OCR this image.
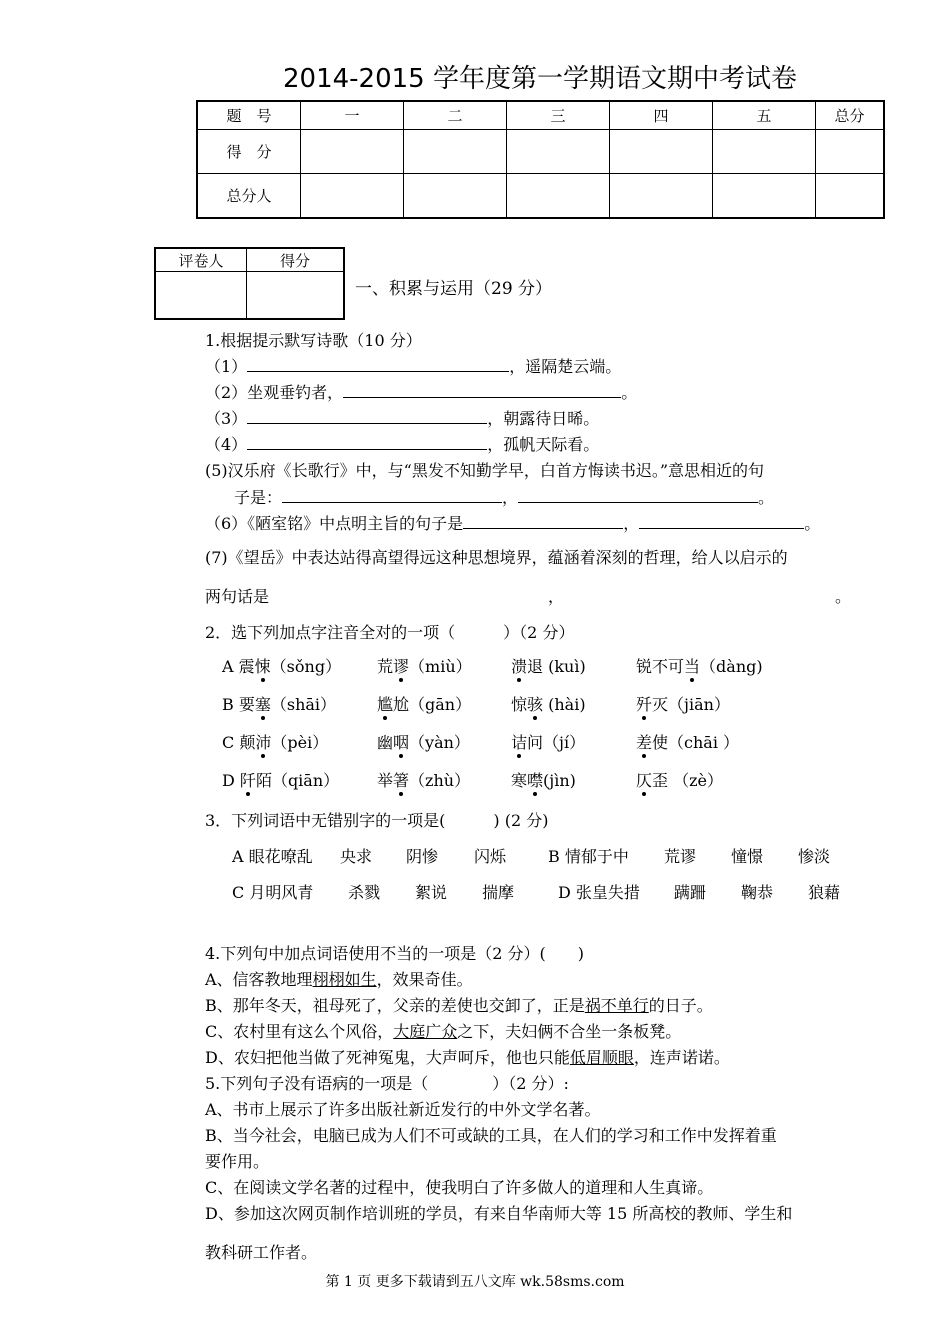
2014-2015 学年度第一学期语文期中考试卷
题　号	一	二	三	四	五	总分
得　分						
总分人						
评卷人	得分

一、积累与运用（29 分）
1.根据提示默写诗歌（10 分）
（1）	，遥隔楚云端。
（2）坐观垂钓者，	。
（3）	，朝露待日晞。
（4）	，孤帆天际看。
(5)汉乐府《长歌行》中，与“黑发不知勤学早，白首方悔读书迟。”意思相近的句
子是：	，	。
（6）《陋室铭》中点明主旨的句子是	，	。
(7)《望岳》中表达站得高望得远这种思想境界，蕴涵着深刻的哲理，给人以启示的
两句话是	，	。
2．选下列加点字注音全对的一项（　　　）（2 分）
A 震悚（sǒng） 荒谬（miù） 溃退 (kuì)	锐不可当（dàng)
B 要塞（shāi）	尴尬（gān） 惊骇 (hài)	歼灭（jiān）
C 颠沛（pèi）	幽咽（yàn）	诘问（jí）	差使（chāi ）
D 阡陌（qiān） 举箸（zhù）	寒噤(jìn)	仄歪 （zè）
3．下列词语中无错别字的一项是(　　　) (2 分)
A 眼花嘹乱 央求 阴惨 闪烁	B 情郁于中 荒谬 憧憬 惨淡
C 月明风青 杀戮 絮说 揣摩	D 张皇失措 蹒跚 鞠恭 狼藉
4.下列句中加点词语使用不当的一项是（2 分）(　　)
A、信客教地理栩栩如生，效果奇佳。
B、那年冬天，祖母死了，父亲的差使也交卸了，正是祸不单行的日子。
C、农村里有这么个风俗，大庭广众之下，夫妇俩不合坐一条板凳。
D、农妇把他当做了死神冤鬼，大声呵斥，他也只能低眉顺眼，连声诺诺。
5.下列句子没有语病的一项是（　　　　）（2 分）:
A、书市上展示了许多出版社新近发行的中外文学名著。
B、当今社会，电脑已成为人们不可或缺的工具，在人们的学习和工作中发挥着重
要作用。
C、在阅读文学名著的过程中，使我明白了许多做人的道理和人生真谛。
D、参加这次网页制作培训班的学员，有来自华南师大等 15 所高校的教师、学生和
教科研工作者。
第 1 页 更多下载请到五八文库 wk.58sms.com
